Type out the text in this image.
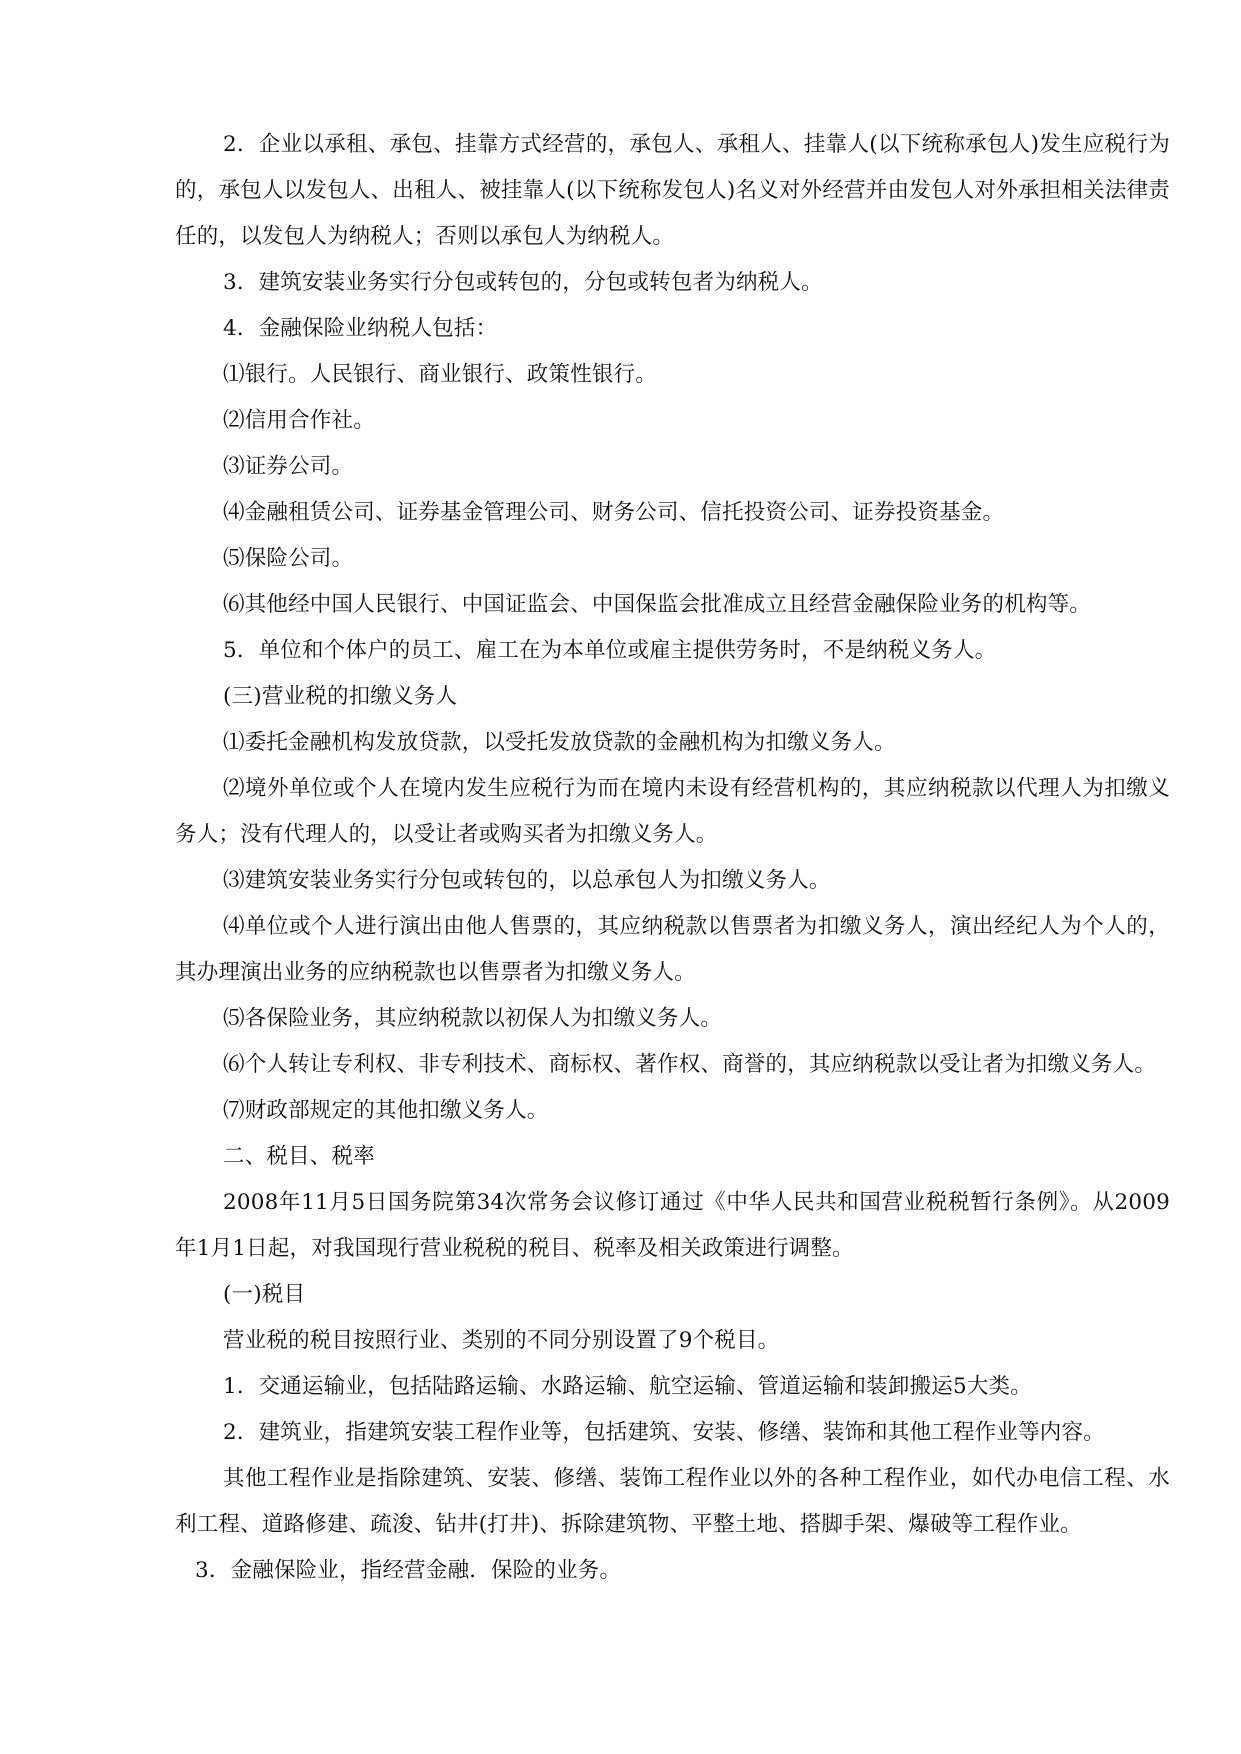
2．企业以承租、承包、挂靠方式经营的，承包人、承租人、挂靠人(以下统称承包人)发生应税行为的，承包人以发包人、出租人、被挂靠人(以下统称发包人)名义对外经营并由发包人对外承担相关法律责任的，以发包人为纳税人；否则以承包人为纳税人。

3．建筑安装业务实行分包或转包的，分包或转包者为纳税人。

4．金融保险业纳税人包括：

⑴银行。人民银行、商业银行、政策性银行。

⑵信用合作社。

⑶证券公司。

⑷金融租赁公司、证券基金管理公司、财务公司、信托投资公司、证券投资基金。

⑸保险公司。

⑹其他经中国人民银行、中国证监会、中国保监会批准成立且经营金融保险业务的机构等。

5．单位和个体户的员工、雇工在为本单位或雇主提供劳务时，不是纳税义务人。

(三)营业税的扣缴义务人

⑴委托金融机构发放贷款，以受托发放贷款的金融机构为扣缴义务人。

⑵境外单位或个人在境内发生应税行为而在境内未设有经营机构的，其应纳税款以代理人为扣缴义务人；没有代理人的，以受让者或购买者为扣缴义务人。

⑶建筑安装业务实行分包或转包的，以总承包人为扣缴义务人。

⑷单位或个人进行演出由他人售票的，其应纳税款以售票者为扣缴义务人，演出经纪人为个人的，其办理演出业务的应纳税款也以售票者为扣缴义务人。

⑸各保险业务，其应纳税款以初保人为扣缴义务人。

⑹个人转让专利权、非专利技术、商标权、著作权、商誉的，其应纳税款以受让者为扣缴义务人。

⑺财政部规定的其他扣缴义务人。

二、税目、税率

2008年11月5日国务院第34次常务会议修订通过《中华人民共和国营业税税暂行条例》。从2009年1月1日起，对我国现行营业税税的税目、税率及相关政策进行调整。

(一)税目

营业税的税目按照行业、类别的不同分别设置了9个税目。

1．交通运输业，包括陆路运输、水路运输、航空运输、管道运输和装卸搬运5大类。

2．建筑业，指建筑安装工程作业等，包括建筑、安装、修缮、装饰和其他工程作业等内容。

其他工程作业是指除建筑、安装、修缮、装饰工程作业以外的各种工程作业，如代办电信工程、水利工程、道路修建、疏浚、钻井(打井)、拆除建筑物、平整土地、搭脚手架、爆破等工程作业。

3．金融保险业，指经营金融．保险的业务。
